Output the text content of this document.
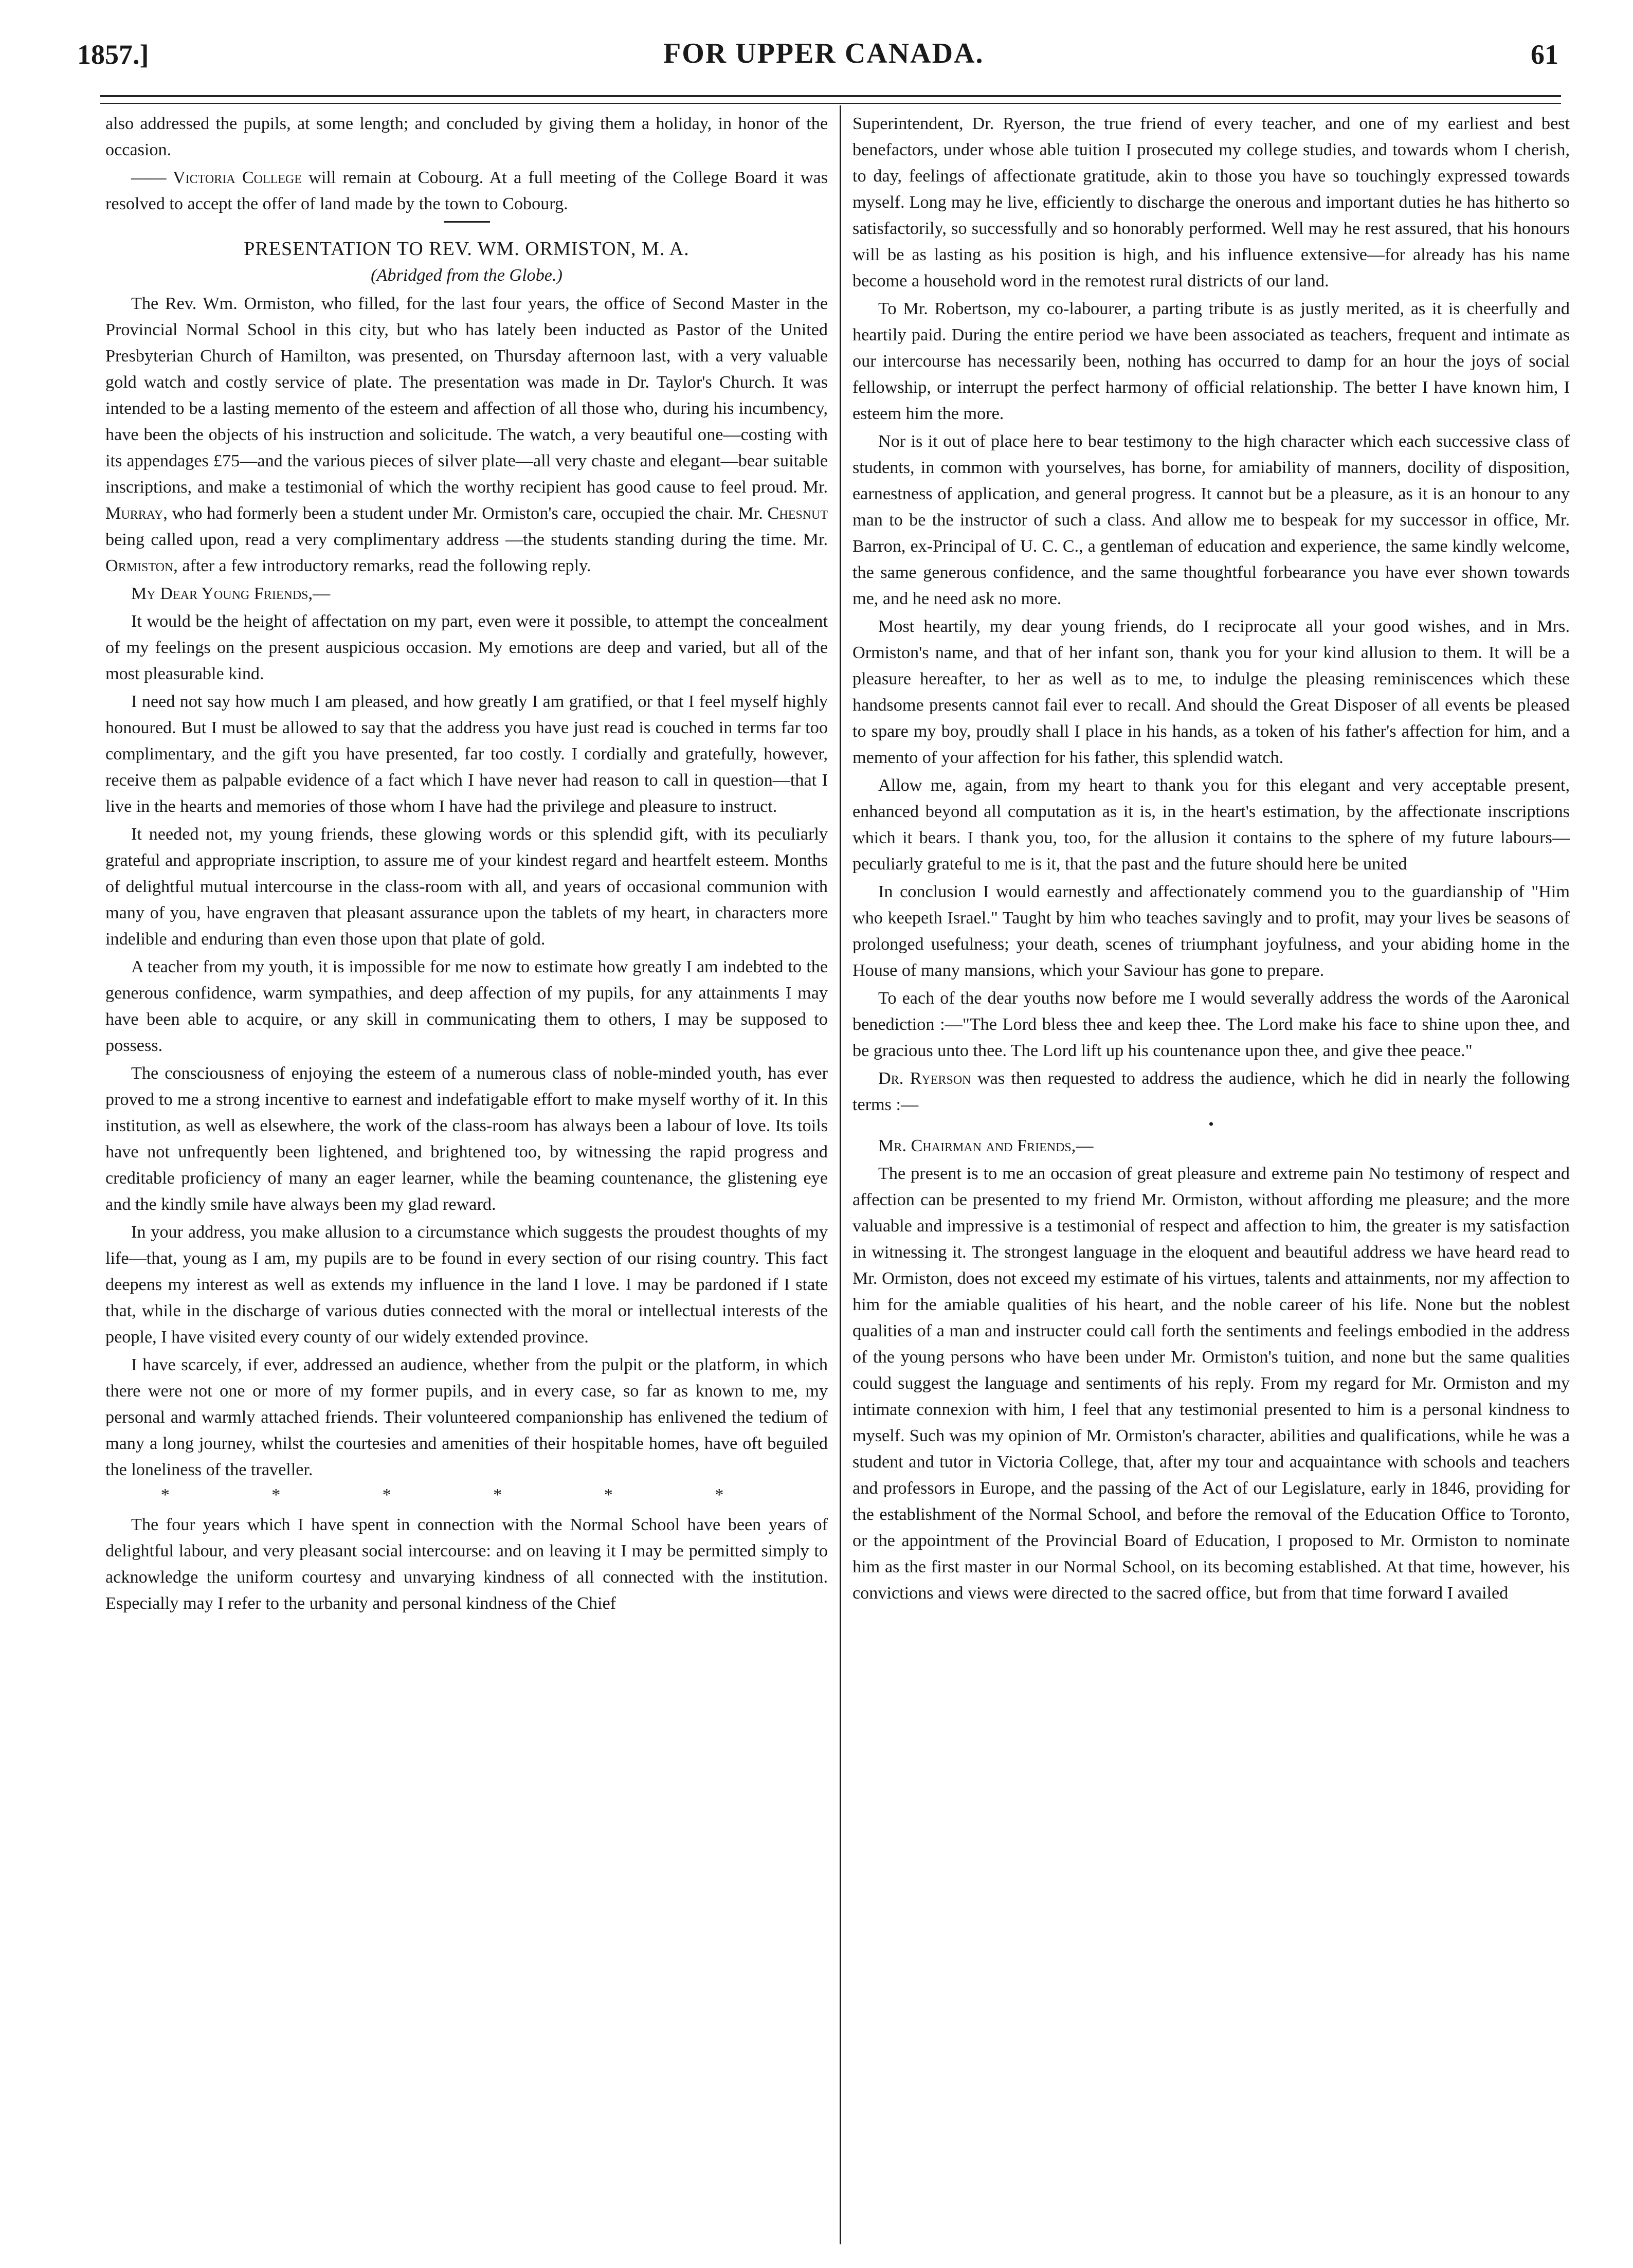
1857.]	FOR UPPER CANADA.	61

also addressed the pupils, at some length; and concluded by giving them a holiday, in honor of the occasion.

—— Victoria College will remain at Cobourg. At a full meeting of the College Board it was resolved to accept the offer of land made by the town to Cobourg.

PRESENTATION TO REV. WM. ORMISTON, M. A.
(Abridged from the Globe.)

The Rev. Wm. Ormiston, who filled, for the last four years, the office of Second Master in the Provincial Normal School in this city, but who has lately been inducted as Pastor of the United Presbyterian Church of Hamilton, was presented, on Thursday afternoon last, with a very valuable gold watch and costly service of plate. The presentation was made in Dr. Taylor's Church. It was intended to be a lasting memento of the esteem and affection of all those who, during his incumbency, have been the objects of his instruction and solicitude. The watch, a very beautiful one—costing with its appendages £75—and the various pieces of silver plate—all very chaste and elegant—bear suitable inscriptions, and make a testimonial of which the worthy recipient has good cause to feel proud. Mr. Murray, who had formerly been a student under Mr. Ormiston's care, occupied the chair. Mr. Chesnut being called upon, read a very complimentary address —the students standing during the time. Mr. Ormiston, after a few introductory remarks, read the following reply.

My Dear Young Friends,—

It would be the height of affectation on my part, even were it possible, to attempt the concealment of my feelings on the present auspicious occasion. My emotions are deep and varied, but all of the most pleasurable kind.

I need not say how much I am pleased, and how greatly I am gratified, or that I feel myself highly honoured. But I must be allowed to say that the address you have just read is couched in terms far too complimentary, and the gift you have presented, far too costly. I cordially and gratefully, however, receive them as palpable evidence of a fact which I have never had reason to call in question—that I live in the hearts and memories of those whom I have had the privilege and pleasure to instruct.

It needed not, my young friends, these glowing words or this splendid gift, with its peculiarly grateful and appropriate inscription, to assure me of your kindest regard and heartfelt esteem. Months of delightful mutual intercourse in the class-room with all, and years of occasional communion with many of you, have engraven that pleasant assurance upon the tablets of my heart, in characters more indelible and enduring than even those upon that plate of gold.

A teacher from my youth, it is impossible for me now to estimate how greatly I am indebted to the generous confidence, warm sympathies, and deep affection of my pupils, for any attainments I may have been able to acquire, or any skill in communicating them to others, I may be supposed to possess.

The consciousness of enjoying the esteem of a numerous class of noble-minded youth, has ever proved to me a strong incentive to earnest and indefatigable effort to make myself worthy of it. In this institution, as well as elsewhere, the work of the class-room has always been a labour of love. Its toils have not unfrequently been lightened, and brightened too, by witnessing the rapid progress and creditable proficiency of many an eager learner, while the beaming countenance, the glistening eye and the kindly smile have always been my glad reward.

In your address, you make allusion to a circumstance which suggests the proudest thoughts of my life—that, young as I am, my pupils are to be found in every section of our rising country. This fact deepens my interest as well as extends my influence in the land I love. I may be pardoned if I state that, while in the discharge of various duties connected with the moral or intellectual interests of the people, I have visited every county of our widely extended province.

I have scarcely, if ever, addressed an audience, whether from the pulpit or the platform, in which there were not one or more of my former pupils, and in every case, so far as known to me, my personal and warmly attached friends. Their volunteered companionship has enlivened the tedium of many a long journey, whilst the courtesies and amenities of their hospitable homes, have oft beguiled the loneliness of the traveller.

* * * * * *

The four years which I have spent in connection with the Normal School have been years of delightful labour, and very pleasant social intercourse: and on leaving it I may be permitted simply to acknowledge the uniform courtesy and unvarying kindness of all connected with the institution. Especially may I refer to the urbanity and personal kindness of the Chief

Superintendent, Dr. Ryerson, the true friend of every teacher, and one of my earliest and best benefactors, under whose able tuition I prosecuted my college studies, and towards whom I cherish, to day, feelings of affectionate gratitude, akin to those you have so touchingly expressed towards myself. Long may he live, efficiently to discharge the onerous and important duties he has hitherto so satisfactorily, so successfully and so honorably performed. Well may he rest assured, that his honours will be as lasting as his position is high, and his influence extensive—for already has his name become a household word in the remotest rural districts of our land.

To Mr. Robertson, my co-labourer, a parting tribute is as justly merited, as it is cheerfully and heartily paid. During the entire period we have been associated as teachers, frequent and intimate as our intercourse has necessarily been, nothing has occurred to damp for an hour the joys of social fellowship, or interrupt the perfect harmony of official relationship. The better I have known him, I esteem him the more.

Nor is it out of place here to bear testimony to the high character which each successive class of students, in common with yourselves, has borne, for amiability of manners, docility of disposition, earnestness of application, and general progress. It cannot but be a pleasure, as it is an honour to any man to be the instructor of such a class. And allow me to bespeak for my successor in office, Mr. Barron, ex-Principal of U. C. C., a gentleman of education and experience, the same kindly welcome, the same generous confidence, and the same thoughtful forbearance you have ever shown towards me, and he need ask no more.

Most heartily, my dear young friends, do I reciprocate all your good wishes, and in Mrs. Ormiston's name, and that of her infant son, thank you for your kind allusion to them. It will be a pleasure hereafter, to her as well as to me, to indulge the pleasing reminiscences which these handsome presents cannot fail ever to recall. And should the Great Disposer of all events be pleased to spare my boy, proudly shall I place in his hands, as a token of his father's affection for him, and a memento of your affection for his father, this splendid watch.

Allow me, again, from my heart to thank you for this elegant and very acceptable present, enhanced beyond all computation as it is, in the heart's estimation, by the affectionate inscriptions which it bears. I thank you, too, for the allusion it contains to the sphere of my future labours—peculiarly grateful to me is it, that the past and the future should here be united

In conclusion I would earnestly and affectionately commend you to the guardianship of "Him who keepeth Israel." Taught by him who teaches savingly and to profit, may your lives be seasons of prolonged usefulness; your death, scenes of triumphant joyfulness, and your abiding home in the House of many mansions, which your Saviour has gone to prepare.

To each of the dear youths now before me I would severally address the words of the Aaronical benediction :—"The Lord bless thee and keep thee. The Lord make his face to shine upon thee, and be gracious unto thee. The Lord lift up his countenance upon thee, and give thee peace."

Dr. Ryerson was then requested to address the audience, which he did in nearly the following terms :—

•

Mr. Chairman and Friends,—

The present is to me an occasion of great pleasure and extreme pain No testimony of respect and affection can be presented to my friend Mr. Ormiston, without affording me pleasure; and the more valuable and impressive is a testimonial of respect and affection to him, the greater is my satisfaction in witnessing it. The strongest language in the eloquent and beautiful address we have heard read to Mr. Ormiston, does not exceed my estimate of his virtues, talents and attainments, nor my affection to him for the amiable qualities of his heart, and the noble career of his life. None but the noblest qualities of a man and instructer could call forth the sentiments and feelings embodied in the address of the young persons who have been under Mr. Ormiston's tuition, and none but the same qualities could suggest the language and sentiments of his reply. From my regard for Mr. Ormiston and my intimate connexion with him, I feel that any testimonial presented to him is a personal kindness to myself. Such was my opinion of Mr. Ormiston's character, abilities and qualifications, while he was a student and tutor in Victoria College, that, after my tour and acquaintance with schools and teachers and professors in Europe, and the passing of the Act of our Legislature, early in 1846, providing for the establishment of the Normal School, and before the removal of the Education Office to Toronto, or the appointment of the Provincial Board of Education, I proposed to Mr. Ormiston to nominate him as the first master in our Normal School, on its becoming established. At that time, however, his convictions and views were directed to the sacred office, but from that time forward I availed
